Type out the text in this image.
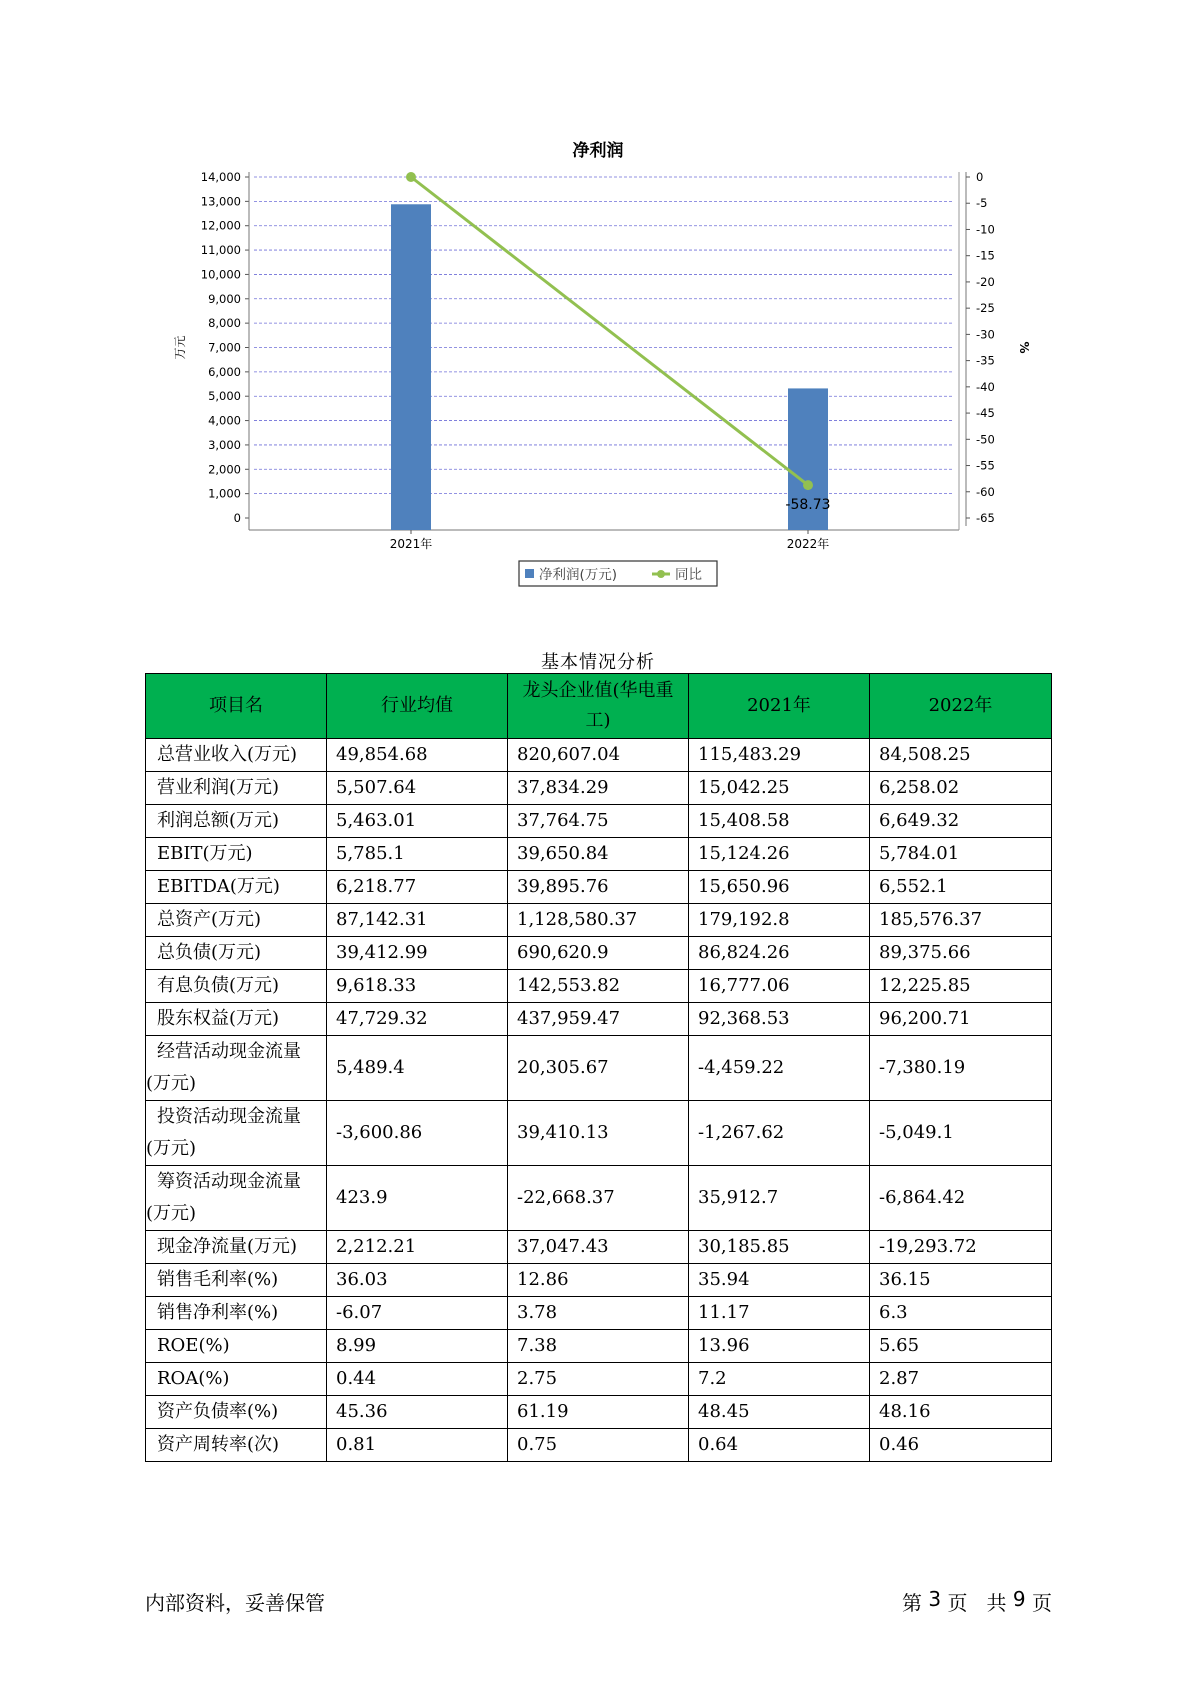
净利润
0
1,000
2,000
3,000
4,000
5,000
6,000
7,000
8,000
9,000
10,000
11,000
12,000
13,000
14,000	0
-5
-10
-15
-20
-25
-30
-35
-40
-45
-50
-55
-60
-65
万元	%
2021年	2022年
-58.73
净利润(万元)	同比
基本情况分析
项目名	行业均值	龙头企业值(华电重工)	2021年	2022年
总营业收入(万元)	49,854.68	820,607.04	115,483.29	84,508.25
营业利润(万元)	5,507.64	37,834.29	15,042.25	6,258.02
利润总额(万元)	5,463.01	37,764.75	15,408.58	6,649.32
EBIT(万元)	5,785.1	39,650.84	15,124.26	5,784.01
EBITDA(万元)	6,218.77	39,895.76	15,650.96	6,552.1
总资产(万元)	87,142.31	1,128,580.37	179,192.8	185,576.37
总负债(万元)	39,412.99	690,620.9	86,824.26	89,375.66
有息负债(万元)	9,618.33	142,553.82	16,777.06	12,225.85
股东权益(万元)	47,729.32	437,959.47	92,368.53	96,200.71
经营活动现金流量(万元)	5,489.4	20,305.67	-4,459.22	-7,380.19
投资活动现金流量(万元)	-3,600.86	39,410.13	-1,267.62	-5,049.1
筹资活动现金流量(万元)	423.9	-22,668.37	35,912.7	-6,864.42
现金净流量(万元)	2,212.21	37,047.43	30,185.85	-19,293.72
销售毛利率(%)	36.03	12.86	35.94	36.15
销售净利率(%)	-6.07	3.78	11.17	6.3
ROE(%)	8.99	7.38	13.96	5.65
ROA(%)	0.44	2.75	7.2	2.87
资产负债率(%)	45.36	61.19	48.45	48.16
资产周转率(次)	0.81	0.75	0.64	0.46
内部资料，妥善保管	第
3
页
共
9
页
